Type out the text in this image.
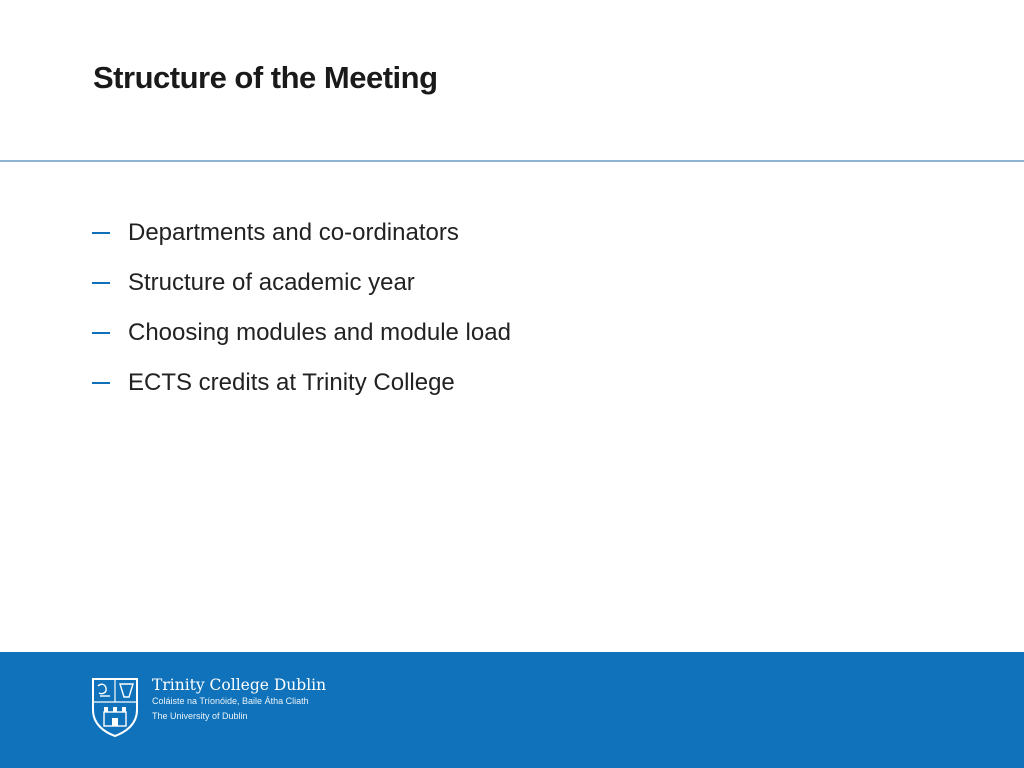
Structure of the Meeting
Departments and co-ordinators
Structure of academic year
Choosing modules and module load
ECTS credits at Trinity College
Trinity College Dublin
Coláiste na Tríonóide, Baile Átha Cliath
The University of Dublin
